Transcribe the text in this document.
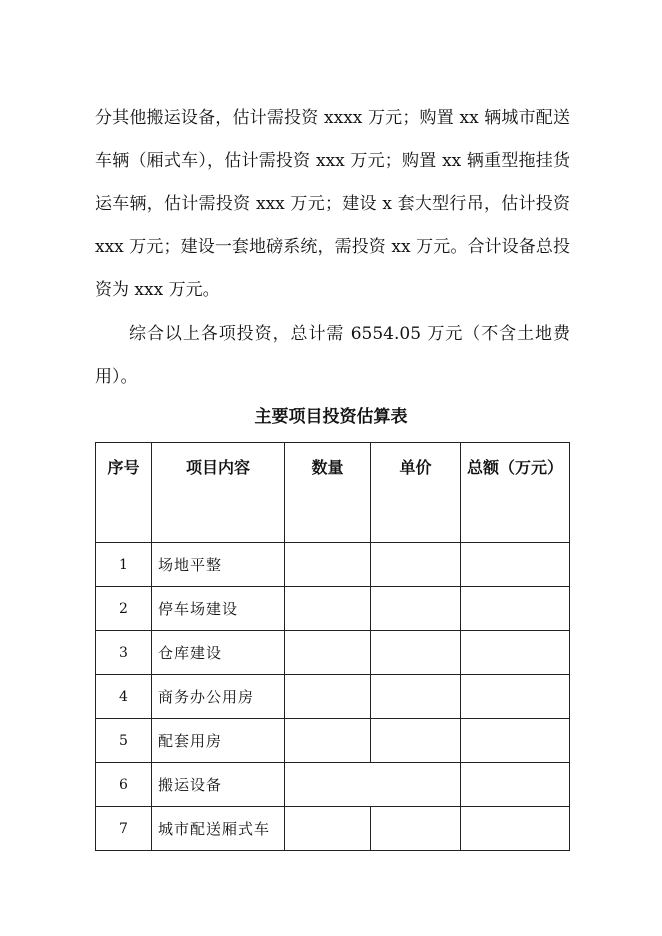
分其他搬运设备，估计需投资 xxxx 万元；购置 xx 辆城市配送车辆（厢式车），估计需投资 xxx 万元；购置 xx 辆重型拖挂货运车辆，估计需投资 xxx 万元；建设 x 套大型行吊，估计投资 xxx 万元；建设一套地磅系统，需投资 xx 万元。合计设备总投资为 xxx 万元。

综合以上各项投资，总计需 6554.05 万元（不含土地费用）。

主要项目投资估算表
序号	项目内容	数量	单价	总额（万元）
1	场地平整			
2	停车场建设			
3	仓库建设			
4	商务办公用房			
5	配套用房			
6	搬运设备			
7	城市配送厢式车			
